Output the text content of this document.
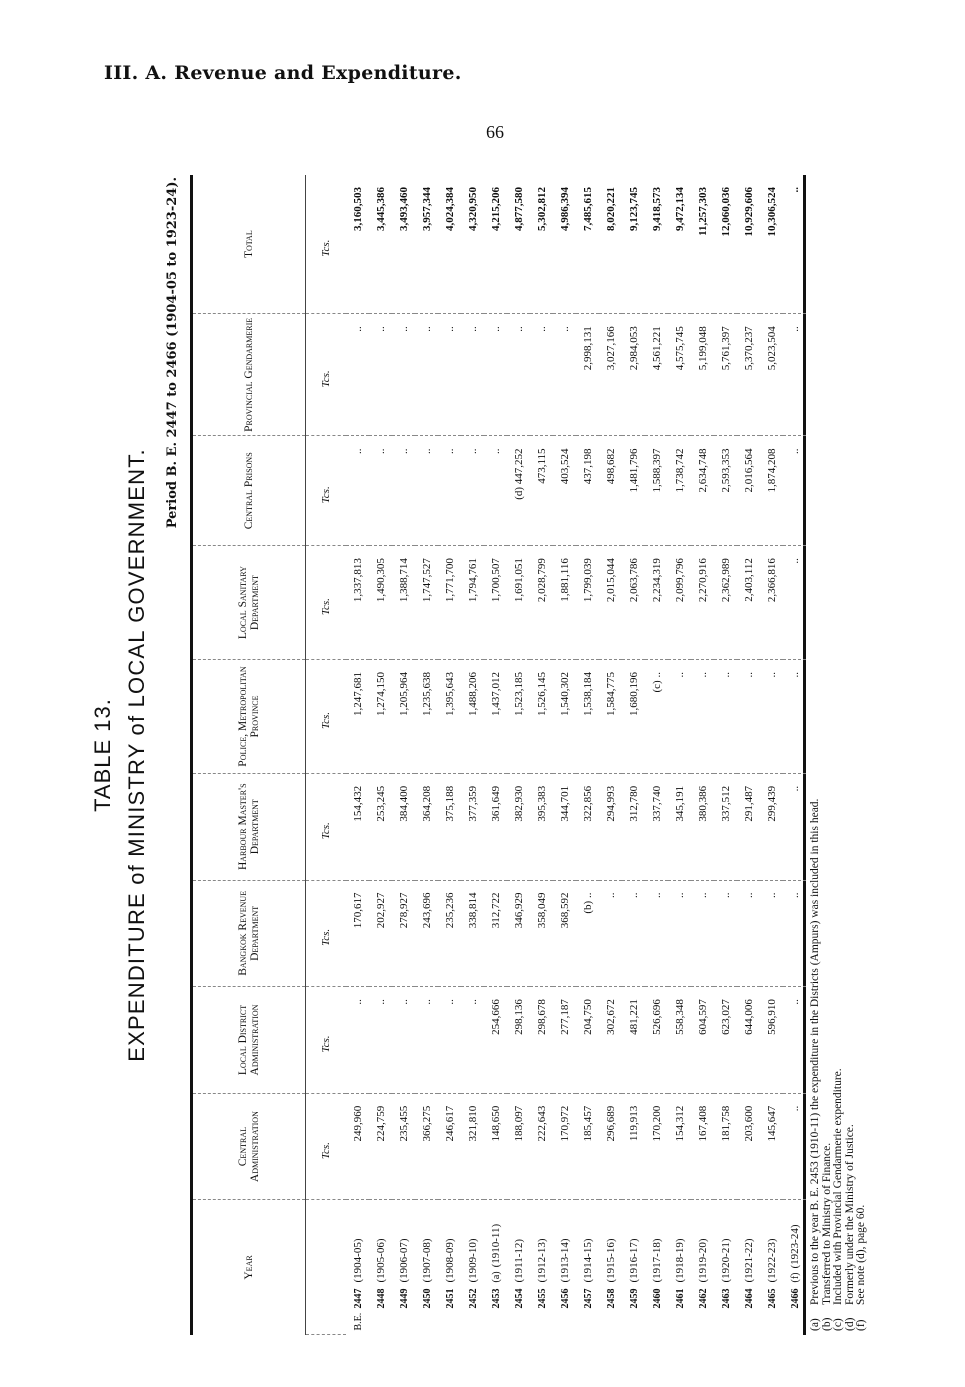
III. A. Revenue and Expenditure.
66
TABLE 13. EXPENDITURE of MINISTRY of LOCAL GOVERNMENT.
Period B. E. 2447 to 2466 (1904-05 to 1923-24).
Year	Central Administration	Local District Administration	Bangkok Revenue Department	Harbour Master's Department	Police, Metropolitan Province	Local Sanitary Department	Central Prisons	Provincial Gendarmerie	Total
	Tcs.	Tcs.	Tcs.	Tcs.	Tcs.	Tcs.	Tcs.	Tcs.	Tcs.
B.E.2447(1904-05)	249,960	..	170,617	154,432	1,247,681	1,337,813	..	..	3,160,503
2448(1905-06)	224,759	..	202,927	253,245	1,274,150	1,490,305	..	..	3,445,386
2449(1906-07)	235,455	..	278,927	384,400	1,205,964	1,388,714	..	..	3,493,460
2450(1907-08)	366,275	..	243,696	364,208	1,235,638	1,747,527	..	..	3,957,344
2451(1908-09)	246,617	..	235,236	375,188	1,395,643	1,771,700	..	..	4,024,384
2452(1909-10)	321,810	..	338,814	377,359	1,488,206	1,794,761	..	..	4,320,950
2453(a)(1910-11)	148,650	254,666	312,722	361,649	1,437,012	1,700,507	..	..	4,215,206
2454(1911-12)	188,097	298,136	346,929	382,930	1,523,185	1,691,051	(d) 447,252	..	4,877,580
2455(1912-13)	222,643	298,678	358,049	395,383	1,526,145	2,028,799	473,115	..	5,302,812
2456(1913-14)	170,972	277,187	368,592	344,701	1,540,302	1,881,116	403,524	..	4,986,394
2457(1914-15)	185,457	204,750	(b) ..	322,856	1,538,184	1,799,039	437,198	2,998,131	7,485,615
2458(1915-16)	296,689	302,672	..	294,993	1,584,775	2,015,044	498,682	3,027,166	8,020,221
2459(1916-17)	119,913	481,221	..	312,780	1,680,196	2,063,786	1,481,796	2,984,053	9,123,745
2460(1917-18)	170,200	526,696	..	337,740	(c) ..	2,234,319	1,588,397	4,561,221	9,418,573
2461(1918-19)	154,312	558,348	..	345,191	..	2,099,796	1,738,742	4,575,745	9,472,134
2462(1919-20)	167,408	604,597	..	380,386	..	2,270,916	2,634,748	5,199,048	11,257,303
2463(1920-21)	181,758	623,027	..	337,512	..	2,362,989	2,593,353	5,761,397	12,060,036
2464(1921-22)	203,600	644,006	..	291,487	..	2,403,112	2,016,564	5,370,237	10,929,606
2465(1922-23)	145,647	596,910	..	299,439	..	2,366,816	1,874,208	5,023,504	10,306,524
2466(f)(1923-24)	..	..	..	..	..	..	..	..	..
(a)Previous to the year B. E. 2453 (1910-11) the expenditure in the Districts (Ampurs) was included in this head.
(b)Transferred to Ministry of Finance.
(c)Included with Provincial Gendarmerie expenditure.
(d)Formerly under the Ministry of Justice.
(f)See note (d), page 60.
